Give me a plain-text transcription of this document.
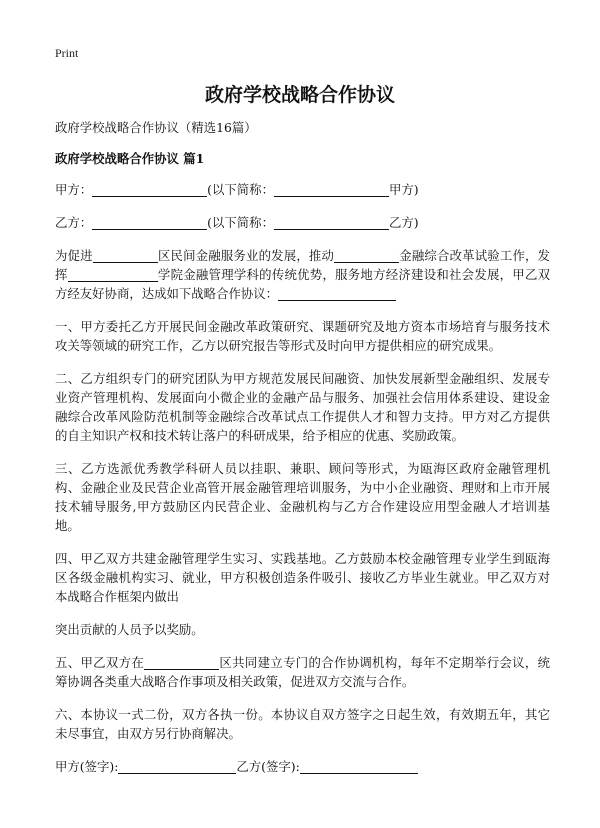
Print
政府学校战略合作协议

政府学校战略合作协议（精选16篇）

政府学校战略合作协议 篇1

甲方：	(以下简称：	甲方)

乙方：	(以下简称：	乙方)

为促进	区民间金融服务业的发展，推动	金融综合改革试验工作，发挥	学院金融管理学科的传统优势，服务地方经济建设和社会发展，甲乙双方经友好协商，达成如下战略合作协议：

一、甲方委托乙方开展民间金融改革政策研究、课题研究及地方资本市场培育与服务技术攻关等领域的研究工作，乙方以研究报告等形式及时向甲方提供相应的研究成果。

二、乙方组织专门的研究团队为甲方规范发展民间融资、加快发展新型金融组织、发展专业资产管理机构、发展面向小微企业的金融产品与服务、加强社会信用体系建设、建设金融综合改革风险防范机制等金融综合改革试点工作提供人才和智力支持。甲方对乙方提供的自主知识产权和技术转让落户的科研成果，给予相应的优惠、奖励政策。

三、乙方选派优秀教学科研人员以挂职、兼职、顾问等形式，为瓯海区政府金融管理机构、金融企业及民营企业高管开展金融管理培训服务，为中小企业融资、理财和上市开展技术辅导服务,甲方鼓励区内民营企业、金融机构与乙方合作建设应用型金融人才培训基地。

四、甲乙双方共建金融管理学生实习、实践基地。乙方鼓励本校金融管理专业学生到瓯海区各级金融机构实习、就业，甲方积极创造条件吸引、接收乙方毕业生就业。甲乙双方对本战略合作框架内做出

突出贡献的人员予以奖励。

五、甲乙双方在	区共同建立专门的合作协调机构，每年不定期举行会议，统筹协调各类重大战略合作事项及相关政策，促进双方交流与合作。

六、本协议一式二份，双方各执一份。本协议自双方签字之日起生效，有效期五年，其它未尽事宜，由双方另行协商解决。

甲方(签字):	乙方(签字):
